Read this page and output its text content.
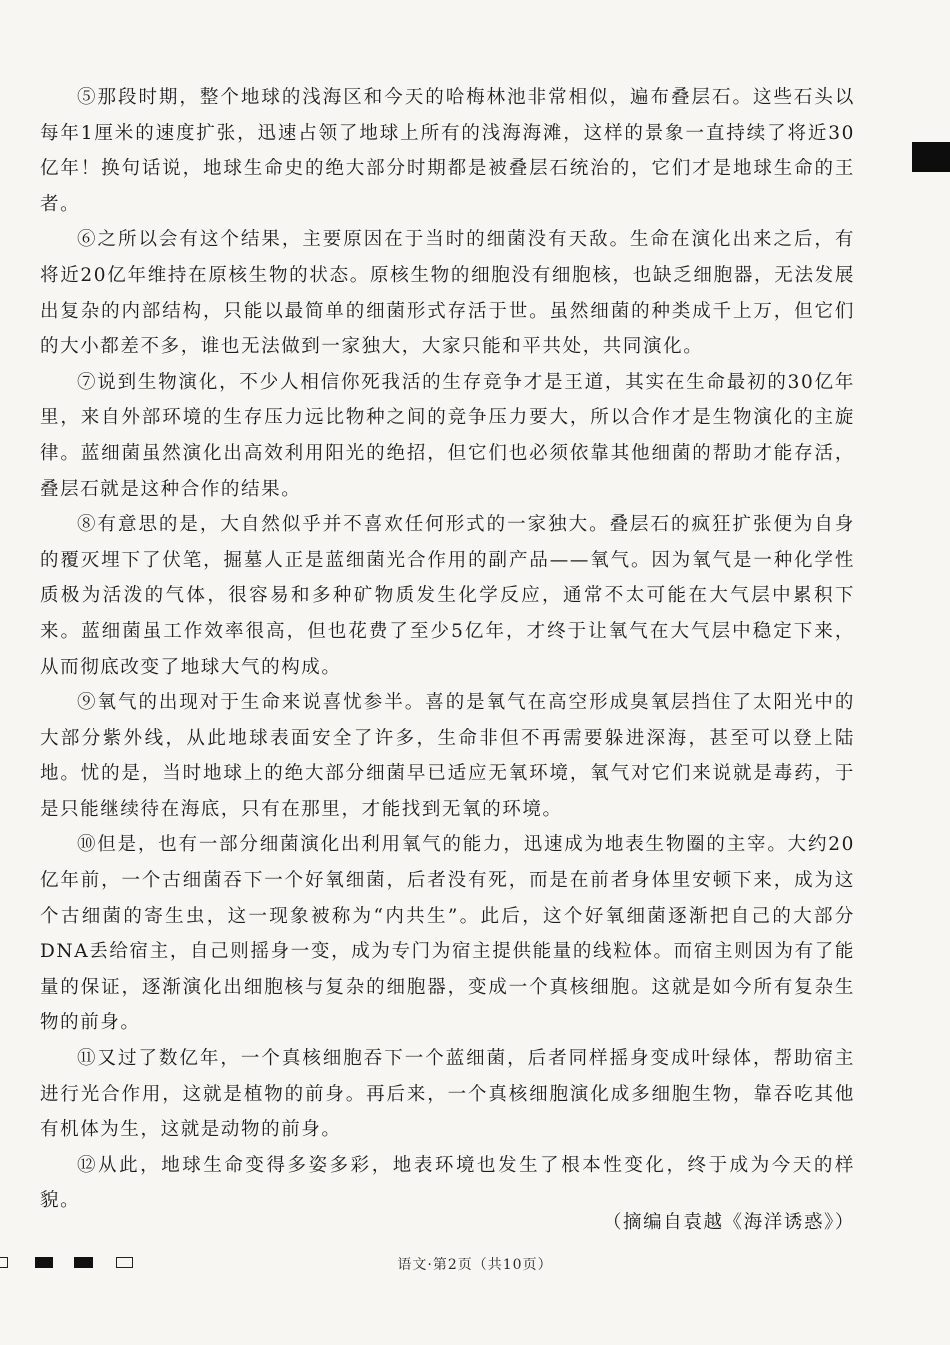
⑤那段时期，整个地球的浅海区和今天的哈梅林池非常相似，遍布叠层石。这些石头以每年1厘米的速度扩张，迅速占领了地球上所有的浅海海滩，这样的景象一直持续了将近30亿年！换句话说，地球生命史的绝大部分时期都是被叠层石统治的，它们才是地球生命的王者。

⑥之所以会有这个结果，主要原因在于当时的细菌没有天敌。生命在演化出来之后，有将近20亿年维持在原核生物的状态。原核生物的细胞没有细胞核，也缺乏细胞器，无法发展出复杂的内部结构，只能以最简单的细菌形式存活于世。虽然细菌的种类成千上万，但它们的大小都差不多，谁也无法做到一家独大，大家只能和平共处，共同演化。

⑦说到生物演化，不少人相信你死我活的生存竞争才是王道，其实在生命最初的30亿年里，来自外部环境的生存压力远比物种之间的竞争压力要大，所以合作才是生物演化的主旋律。蓝细菌虽然演化出高效利用阳光的绝招，但它们也必须依靠其他细菌的帮助才能存活，叠层石就是这种合作的结果。

⑧有意思的是，大自然似乎并不喜欢任何形式的一家独大。叠层石的疯狂扩张便为自身的覆灭埋下了伏笔，掘墓人正是蓝细菌光合作用的副产品——氧气。因为氧气是一种化学性质极为活泼的气体，很容易和多种矿物质发生化学反应，通常不太可能在大气层中累积下来。蓝细菌虽工作效率很高，但也花费了至少5亿年，才终于让氧气在大气层中稳定下来，从而彻底改变了地球大气的构成。

⑨氧气的出现对于生命来说喜忧参半。喜的是氧气在高空形成臭氧层挡住了太阳光中的大部分紫外线，从此地球表面安全了许多，生命非但不再需要躲进深海，甚至可以登上陆地。忧的是，当时地球上的绝大部分细菌早已适应无氧环境，氧气对它们来说就是毒药，于是只能继续待在海底，只有在那里，才能找到无氧的环境。

⑩但是，也有一部分细菌演化出利用氧气的能力，迅速成为地表生物圈的主宰。大约20亿年前，一个古细菌吞下一个好氧细菌，后者没有死，而是在前者身体里安顿下来，成为这个古细菌的寄生虫，这一现象被称为“内共生”。此后，这个好氧细菌逐渐把自己的大部分DNA丢给宿主，自己则摇身一变，成为专门为宿主提供能量的线粒体。而宿主则因为有了能量的保证，逐渐演化出细胞核与复杂的细胞器，变成一个真核细胞。这就是如今所有复杂生物的前身。

⑪又过了数亿年，一个真核细胞吞下一个蓝细菌，后者同样摇身变成叶绿体，帮助宿主进行光合作用，这就是植物的前身。再后来，一个真核细胞演化成多细胞生物，靠吞吃其他有机体为生，这就是动物的前身。

⑫从此，地球生命变得多姿多彩，地表环境也发生了根本性变化，终于成为今天的样貌。

（摘编自袁越《海洋诱惑》）

语文·第2页（共10页）
